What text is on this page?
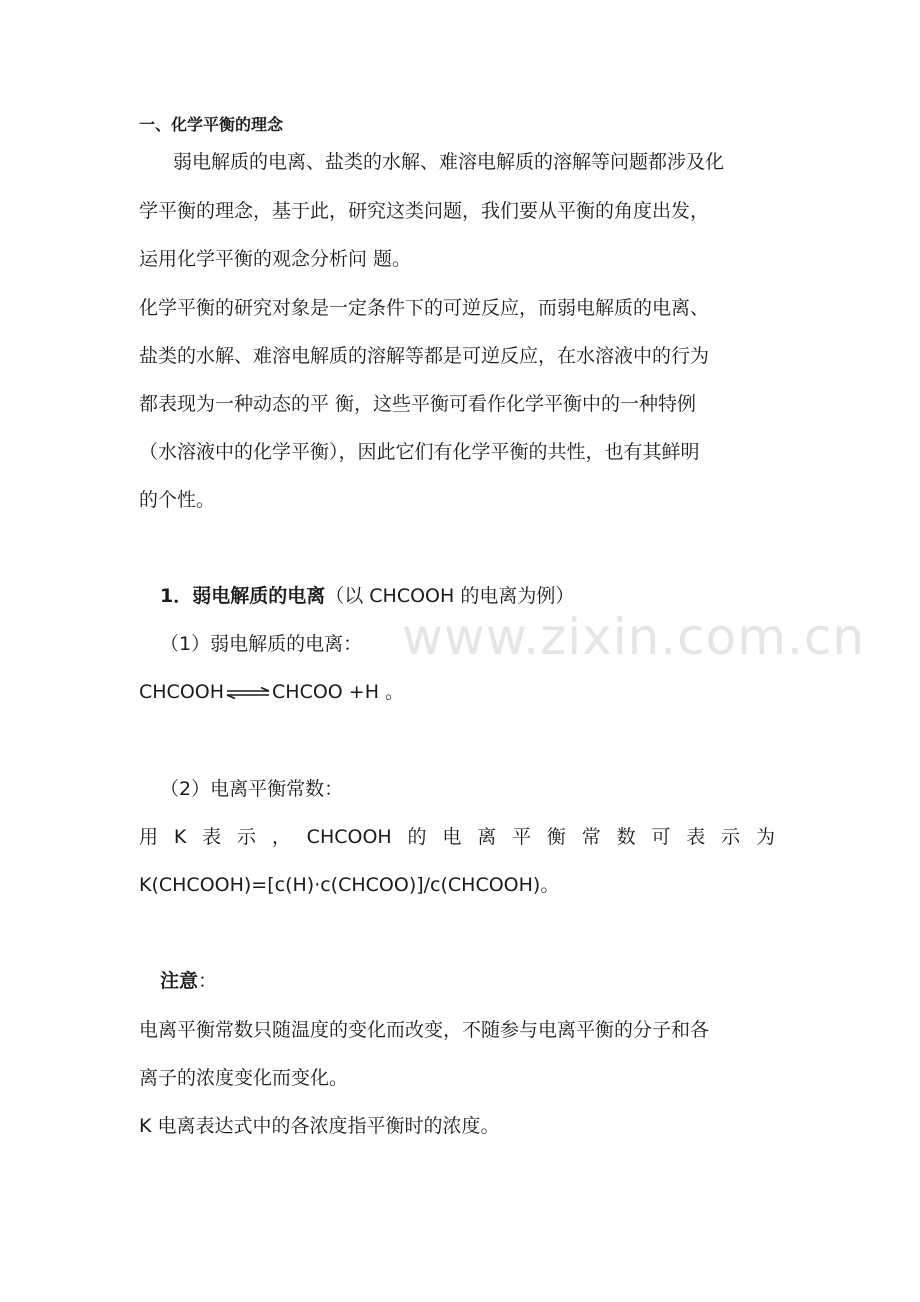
www.zixin.com.cn
一、化学平衡的理念
弱电解质的电离、盐类的水解、难溶电解质的溶解等问题都涉及化
学平衡的理念，基于此，研究这类问题，我们要从平衡的角度出发，
运用化学平衡的观念分析问 题。
化学平衡的研究对象是一定条件下的可逆反应，而弱电解质的电离、
盐类的水解、难溶电解质的溶解等都是可逆反应，在水溶液中的行为
都表现为一种动态的平 衡，这些平衡可看作化学平衡中的一种特例
（水溶液中的化学平衡），因此它们有化学平衡的共性，也有其鲜明
的个性。
1．弱电解质的电离（以 CHCOOH 的电离为例）
（1）弱电解质的电离：
CHCOOH⇌CHCOO +H 。
（2）电离平衡常数：
用 K 表 示 ， CHCOOH 的 电 离 平 衡 常 数 可 表 示 为
K(CHCOOH)=[c(H)·c(CHCOO)]/c(CHCOOH)。
注意：
电离平衡常数只随温度的变化而改变，不随参与电离平衡的分子和各
离子的浓度变化而变化。
K 电离表达式中的各浓度指平衡时的浓度。
